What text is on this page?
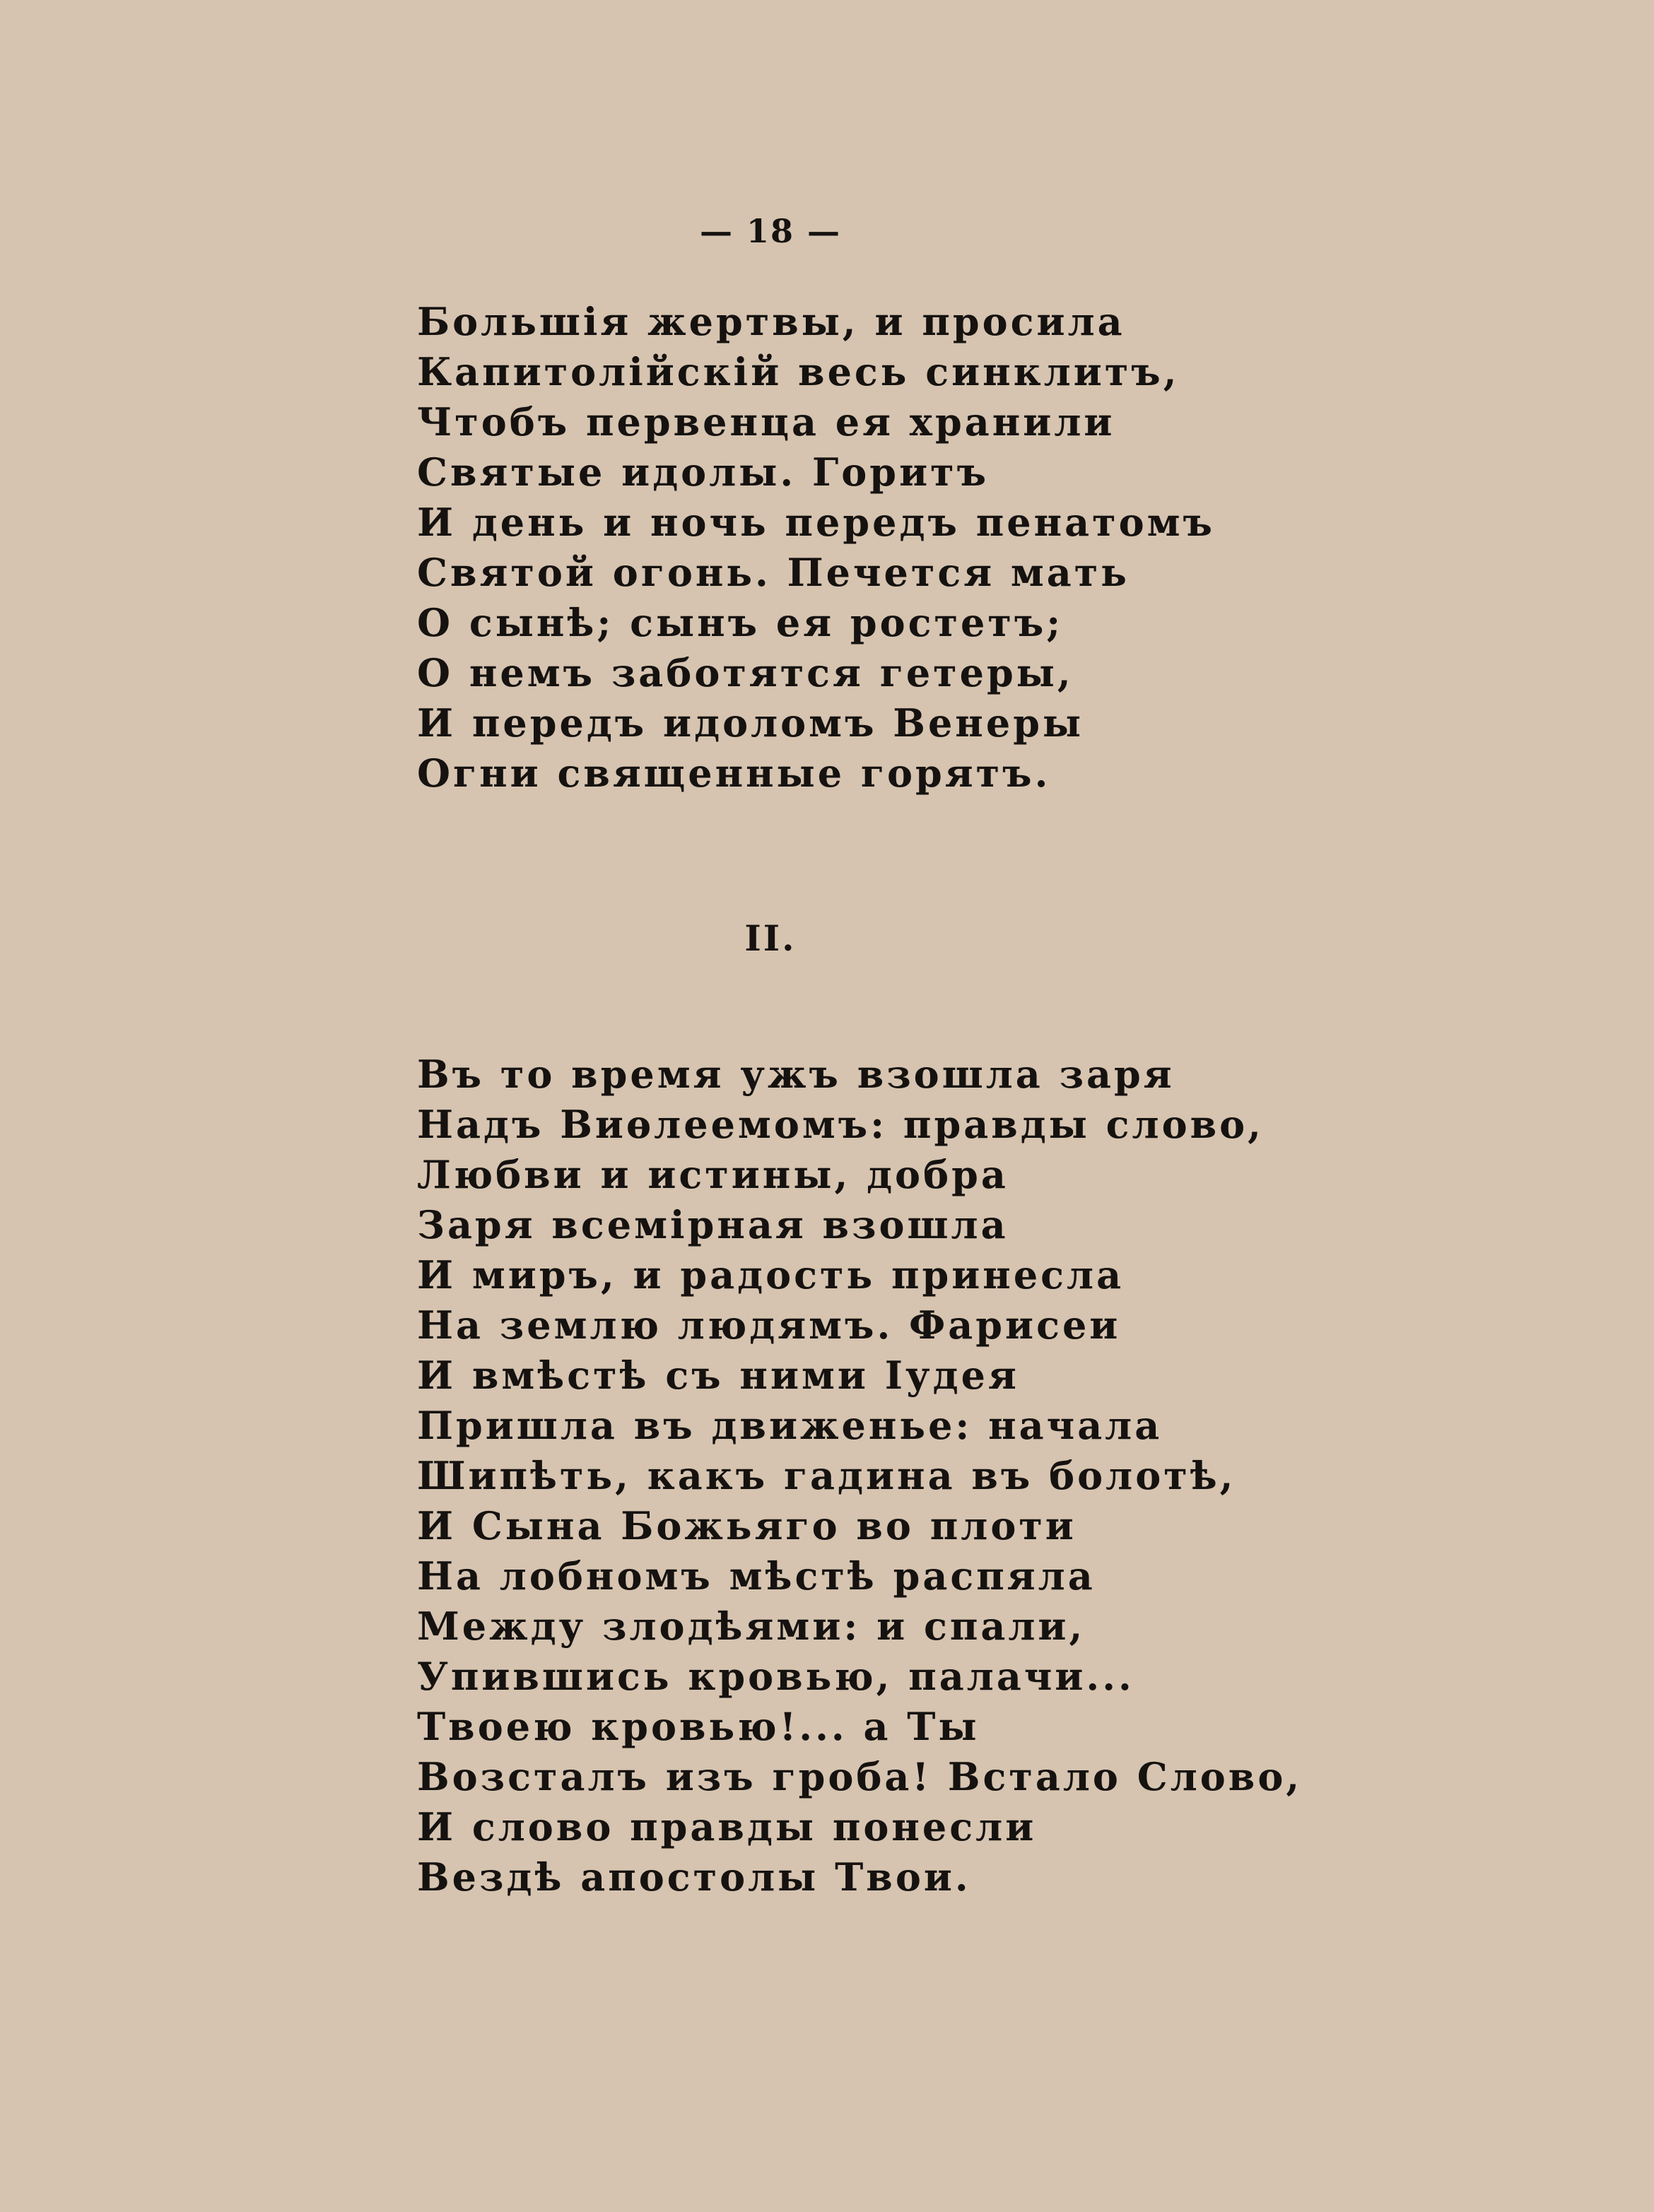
— 18 —
Большія жертвы, и просила
Капитолійскій весь синклитъ,
Чтобъ первенца ея хранили
Святые идолы. Горитъ
И день и ночь передъ пенатомъ
Святой огонь. Печется мать
О сынѣ; сынъ ея ростетъ;
О немъ заботятся гетеры,
И передъ идоломъ Венеры
Огни священные горятъ.
II.
Въ то время ужъ взошла заря
Надъ Виѳлеемомъ: правды слово,
Любви и истины, добра
Заря всемірная взошла
И миръ, и радость принесла
На землю людямъ. Фарисеи
И вмѣстѣ съ ними Іудея
Пришла въ движенье: начала
Шипѣть, какъ гадина въ болотѣ,
И Сына Божьяго во плоти
На лобномъ мѣстѣ распяла
Между злодѣями: и спали,
Упившись кровью, палачи...
Твоею кровью!... а Ты
Возсталъ изъ гроба! Встало Слово,
И слово правды понесли
Вездѣ апостолы Твои.
